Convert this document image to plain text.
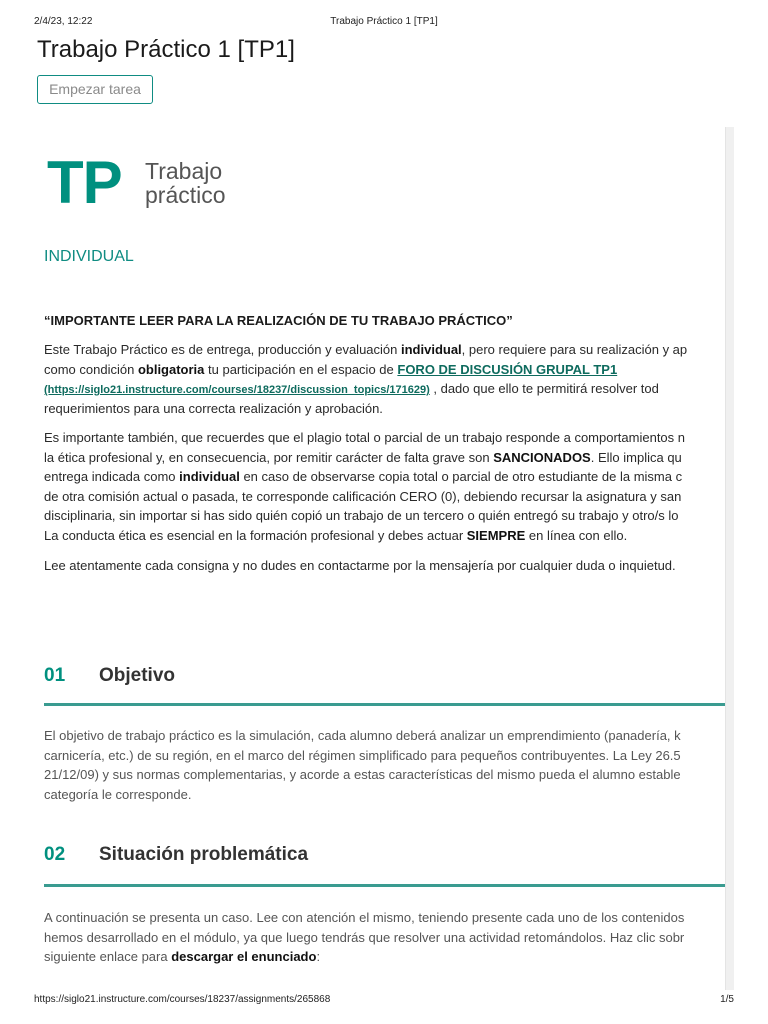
2/4/23, 12:22	Trabajo Práctico 1 [TP1]
Trabajo Práctico 1 [TP1]
Empezar tarea
TP Trabajo
práctico
INDIVIDUAL
“IMPORTANTE LEER PARA LA REALIZACIÓN DE TU TRABAJO PRÁCTICO”
Este Trabajo Práctico es de entrega, producción y evaluación individual, pero requiere para su realización y ap
como condición obligatoria tu participación en el espacio de FORO DE DISCUSIÓN GRUPAL TP1
(https://siglo21.instructure.com/courses/18237/discussion_topics/171629) , dado que ello te permitirá resolver tod
requerimientos para una correcta realización y aprobación.
Es importante también, que recuerdes que el plagio total o parcial de un trabajo responde a comportamientos n
la ética profesional y, en consecuencia, por remitir carácter de falta grave son SANCIONADOS. Ello implica qu
entrega indicada como individual en caso de observarse copia total o parcial de otro estudiante de la misma c
de otra comisión actual o pasada, te corresponde calificación CERO (0), debiendo recursar la asignatura y san
disciplinaria, sin importar si has sido quién copió un trabajo de un tercero o quién entregó su trabajo y otro/s lo
La conducta ética es esencial en la formación profesional y debes actuar SIEMPRE en línea con ello.
Lee atentamente cada consigna y no dudes en contactarme por la mensajería por cualquier duda o inquietud.
01 Objetivo
El objetivo de trabajo práctico es la simulación, cada alumno deberá analizar un emprendimiento (panadería, k
carnicería, etc.) de su región, en el marco del régimen simplificado para pequeños contribuyentes. La Ley 26.5
21/12/09) y sus normas complementarias, y acorde a estas características del mismo pueda el alumno estable
categoría le corresponde.
02 Situación problemática
A continuación se presenta un caso. Lee con atención el mismo, teniendo presente cada uno de los contenidos
hemos desarrollado en el módulo, ya que luego tendrás que resolver una actividad retomándolos. Haz clic sobr
siguiente enlace para descargar el enunciado:
https://siglo21.instructure.com/courses/18237/assignments/265868	1/5
